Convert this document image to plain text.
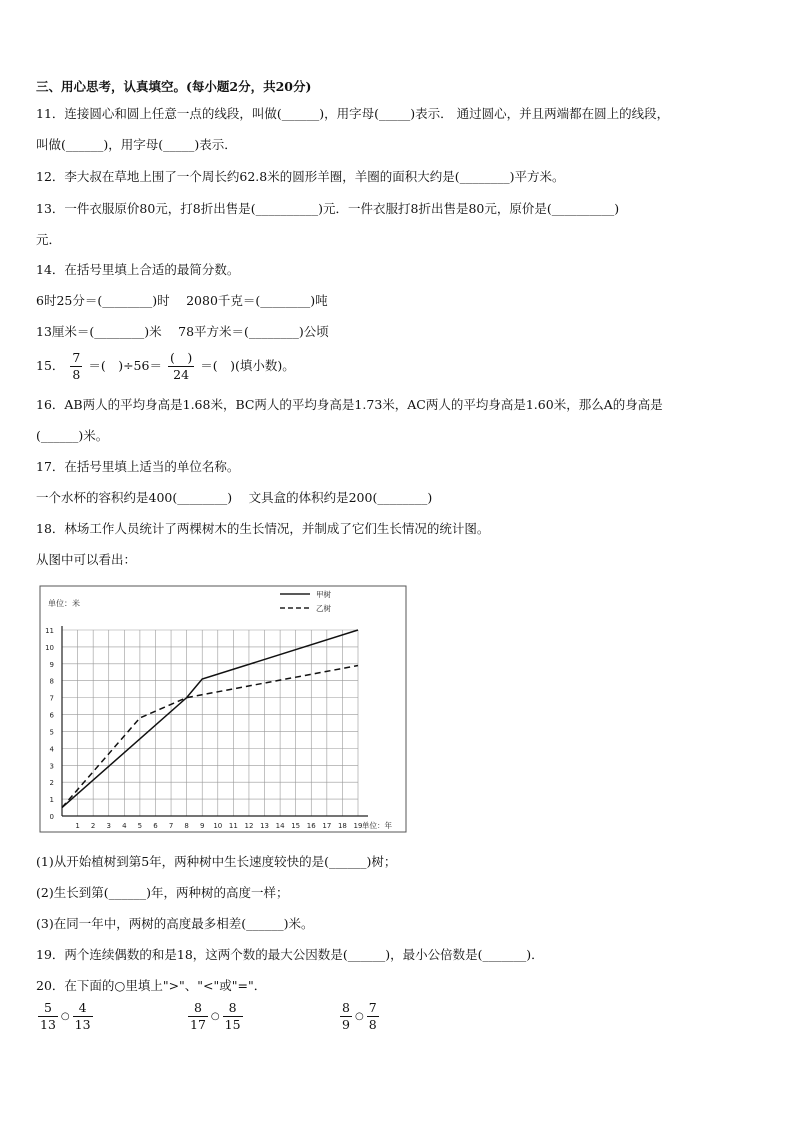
三、用心思考，认真填空。(每小题2分，共20分)
11．连接圆心和圆上任意一点的线段，叫做(______)，用字母(_____)表示． 通过圆心，并且两端都在圆上的线段，
叫做(______)，用字母(_____)表示．
12．李大叔在草地上围了一个周长约62.8米的圆形羊圈，羊圈的面积大约是(________)平方米。
13．一件衣服原价80元，打8折出售是(__________)元．一件衣服打8折出售是80元，原价是(__________)
元．
14．在括号里填上合适的最简分数。
6时25分＝(________)时　 2080千克＝(________)吨
13厘米＝(________)米　 78平方米＝(________)公顷
15． $\frac{7}{8}$ ＝(　)$\div 56= \frac{( )}{24}$ ＝(　)(填小数)。
16．AB两人的平均身高是1.68米，BC两人的平均身高是1.73米，AC两人的平均身高是1.60米，那么A的身高是
(______)米。
17．在括号里填上适当的单位名称。
一个水杯的容积约是400(________)　 文具盒的体积约是200(________)
18．林场工作人员统计了两棵树木的生长情况，并制成了它们生长情况的统计图。
从图中可以看出：
1 2 3 4 5 6 7 8 9 10 11 12 13 14 15 16 17 18 19
0
1
2
3
4
5
6
7
8
9
10
11
单位：米
单位：年
甲树
乙树
(1)从开始植树到第5年，两种树中生长速度较快的是(______)树；
(2)生长到第(______)年，两种树的高度一样；
(3)在同一年中，两树的高度最多相差(______)米。
19．两个连续偶数的和是18，这两个数的最大公因数是(______)，最小公倍数是(_______)．
20．在下面的○里填上">"、"<"或"="．
$\frac{5}{13}$ ○ $\frac{4}{13}$	$\frac{8}{17}$ ○ $\frac{8}{15}$	$\frac{8}{9}$ ○ $\frac{7}{8}$
